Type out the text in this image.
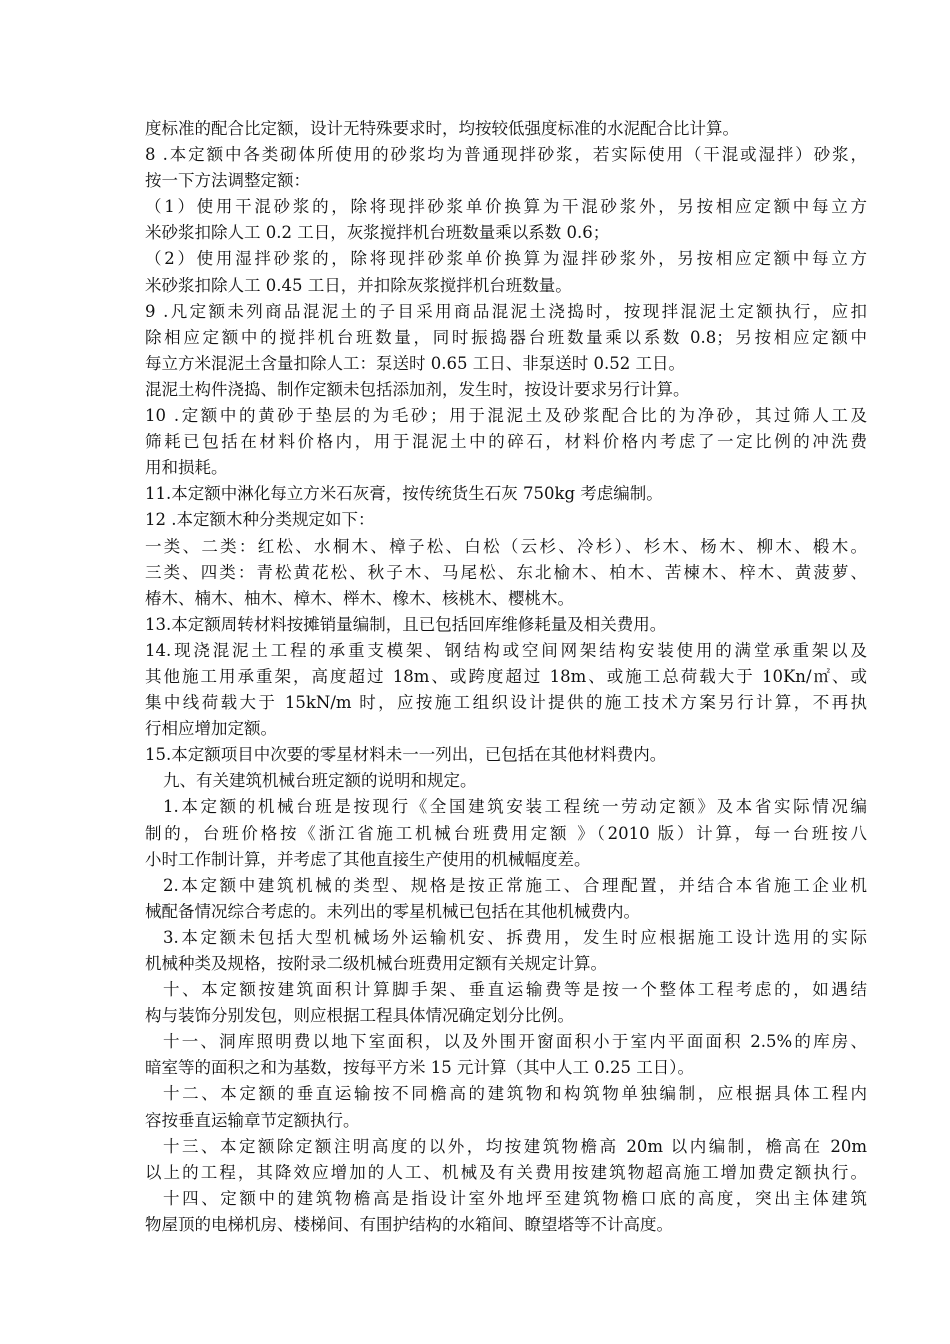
度标准的配合比定额，设计无特殊要求时，均按较低强度标准的水泥配合比计算。
8 .本定额中各类砌体所使用的砂浆均为普通现拌砂浆，若实际使用（干混或湿拌）砂浆，
按一下方法调整定额：
（1）使用干混砂浆的，除将现拌砂浆单价换算为干混砂浆外，另按相应定额中每立方
米砂浆扣除人工 0.2 工日，灰浆搅拌机台班数量乘以系数 0.6；
（2）使用湿拌砂浆的，除将现拌砂浆单价换算为湿拌砂浆外，另按相应定额中每立方
米砂浆扣除人工 0.45 工日，并扣除灰浆搅拌机台班数量。
9 .凡定额未列商品混泥土的子目采用商品混泥土浇捣时，按现拌混泥土定额执行，应扣
除相应定额中的搅拌机台班数量，同时振捣器台班数量乘以系数 0.8；另按相应定额中
每立方米混泥土含量扣除人工：泵送时 0.65 工日、非泵送时 0.52 工日。
混泥土构件浇捣、制作定额未包括添加剂，发生时，按设计要求另行计算。
10 .定额中的黄砂于垫层的为毛砂；用于混泥土及砂浆配合比的为净砂，其过筛人工及
筛耗已包括在材料价格内，用于混泥土中的碎石，材料价格内考虑了一定比例的冲洗费
用和损耗。
11.本定额中淋化每立方米石灰膏，按传统货生石灰 750kg 考虑编制。
12 .本定额木种分类规定如下：
一类、二类：红松、水桐木、樟子松、白松（云杉、冷杉）、杉木、杨木、柳木、椴木。
三类、四类：青松黄花松、秋子木、马尾松、东北榆木、柏木、苦楝木、梓木、黄菠萝、
椿木、楠木、柚木、樟木、榉木、橡木、核桃木、樱桃木。
13.本定额周转材料按摊销量编制，且已包括回库维修耗量及相关费用。
14.现浇混泥土工程的承重支模架、钢结构或空间网架结构安装使用的满堂承重架以及
其他施工用承重架，高度超过 18m、或跨度超过 18m、或施工总荷载大于 10Kn/㎡、或
集中线荷载大于 15kN/m 时，应按施工组织设计提供的施工技术方案另行计算，不再执
行相应增加定额。
15.本定额项目中次要的零星材料未一一列出，已包括在其他材料费内。
九、有关建筑机械台班定额的说明和规定。
1.本定额的机械台班是按现行《全国建筑安装工程统一劳动定额》及本省实际情况编
制的，台班价格按《浙江省施工机械台班费用定额 》（2010 版）计算，每一台班按八
小时工作制计算，并考虑了其他直接生产使用的机械幅度差。
2.本定额中建筑机械的类型、规格是按正常施工、合理配置，并结合本省施工企业机
械配备情况综合考虑的。未列出的零星机械已包括在其他机械费内。
3.本定额未包括大型机械场外运输机安、拆费用，发生时应根据施工设计选用的实际
机械种类及规格，按附录二级机械台班费用定额有关规定计算。
十、本定额按建筑面积计算脚手架、垂直运输费等是按一个整体工程考虑的，如遇结
构与装饰分别发包，则应根据工程具体情况确定划分比例。
十一、洞库照明费以地下室面积，以及外围开窗面积小于室内平面面积 2.5%的库房、
暗室等的面积之和为基数，按每平方米 15 元计算（其中人工 0.25 工日）。
十二、本定额的垂直运输按不同檐高的建筑物和构筑物单独编制，应根据具体工程内
容按垂直运输章节定额执行。
十三、本定额除定额注明高度的以外，均按建筑物檐高 20m 以内编制，檐高在 20m
以上的工程，其降效应增加的人工、机械及有关费用按建筑物超高施工增加费定额执行。
十四、定额中的建筑物檐高是指设计室外地坪至建筑物檐口底的高度，突出主体建筑
物屋顶的电梯机房、楼梯间、有围护结构的水箱间、瞭望塔等不计高度。
